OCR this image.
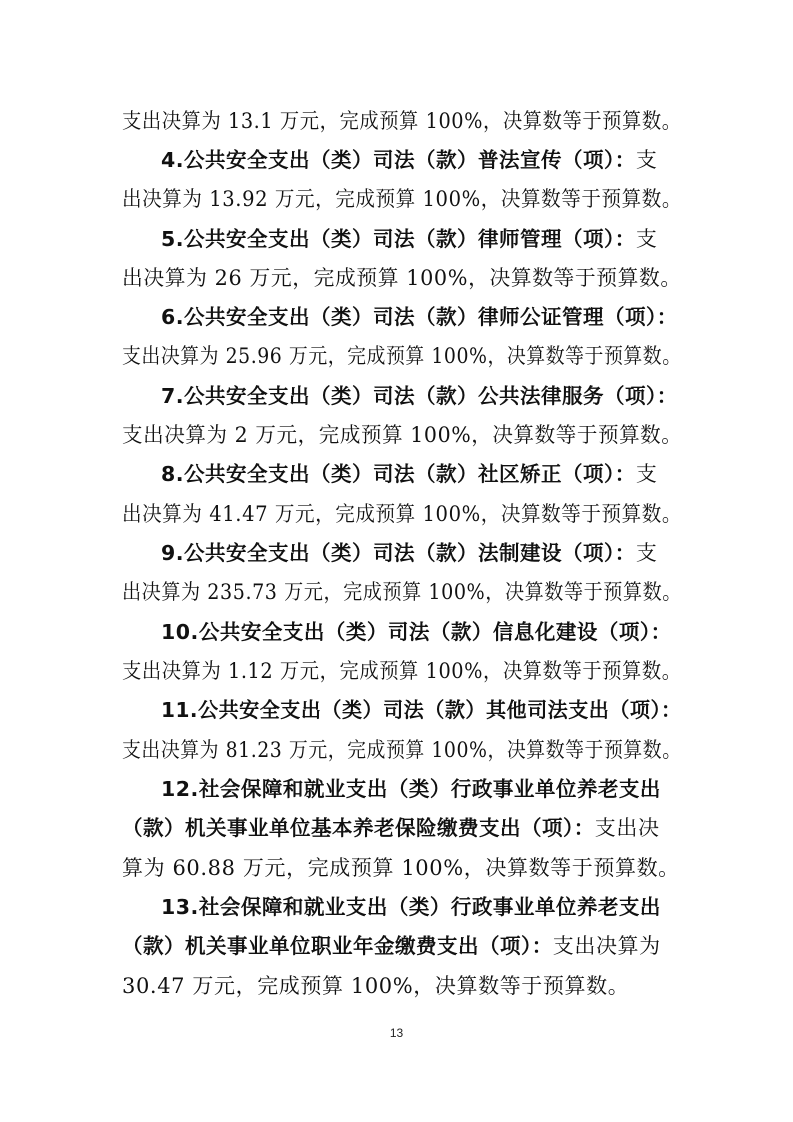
支出决算为 13.1 万元，完成预算 100%，决算数等于预算数。
4.公共安全支出（类）司法（款）普法宣传（项）：支
出决算为 13.92 万元，完成预算 100%，决算数等于预算数。
5.公共安全支出（类）司法（款）律师管理（项）：支
出决算为 26 万元，完成预算 100%，决算数等于预算数。
6.公共安全支出（类）司法（款）律师公证管理（项）：
支出决算为 25.96 万元，完成预算 100%，决算数等于预算数。
7.公共安全支出（类）司法（款）公共法律服务（项）：
支出决算为 2 万元，完成预算 100%，决算数等于预算数。
8.公共安全支出（类）司法（款）社区矫正（项）：支
出决算为 41.47 万元，完成预算 100%，决算数等于预算数。
9.公共安全支出（类）司法（款）法制建设（项）：支
出决算为 235.73 万元，完成预算 100%，决算数等于预算数。
10.公共安全支出（类）司法（款）信息化建设（项）：
支出决算为 1.12 万元，完成预算 100%，决算数等于预算数。
11.公共安全支出（类）司法（款）其他司法支出（项）：
支出决算为 81.23 万元，完成预算 100%，决算数等于预算数。
12.社会保障和就业支出（类）行政事业单位养老支出
（款）机关事业单位基本养老保险缴费支出（项）：支出决
算为 60.88 万元，完成预算 100%，决算数等于预算数。
13.社会保障和就业支出（类）行政事业单位养老支出
（款）机关事业单位职业年金缴费支出（项）：支出决算为
30.47 万元，完成预算 100%，决算数等于预算数。
13
